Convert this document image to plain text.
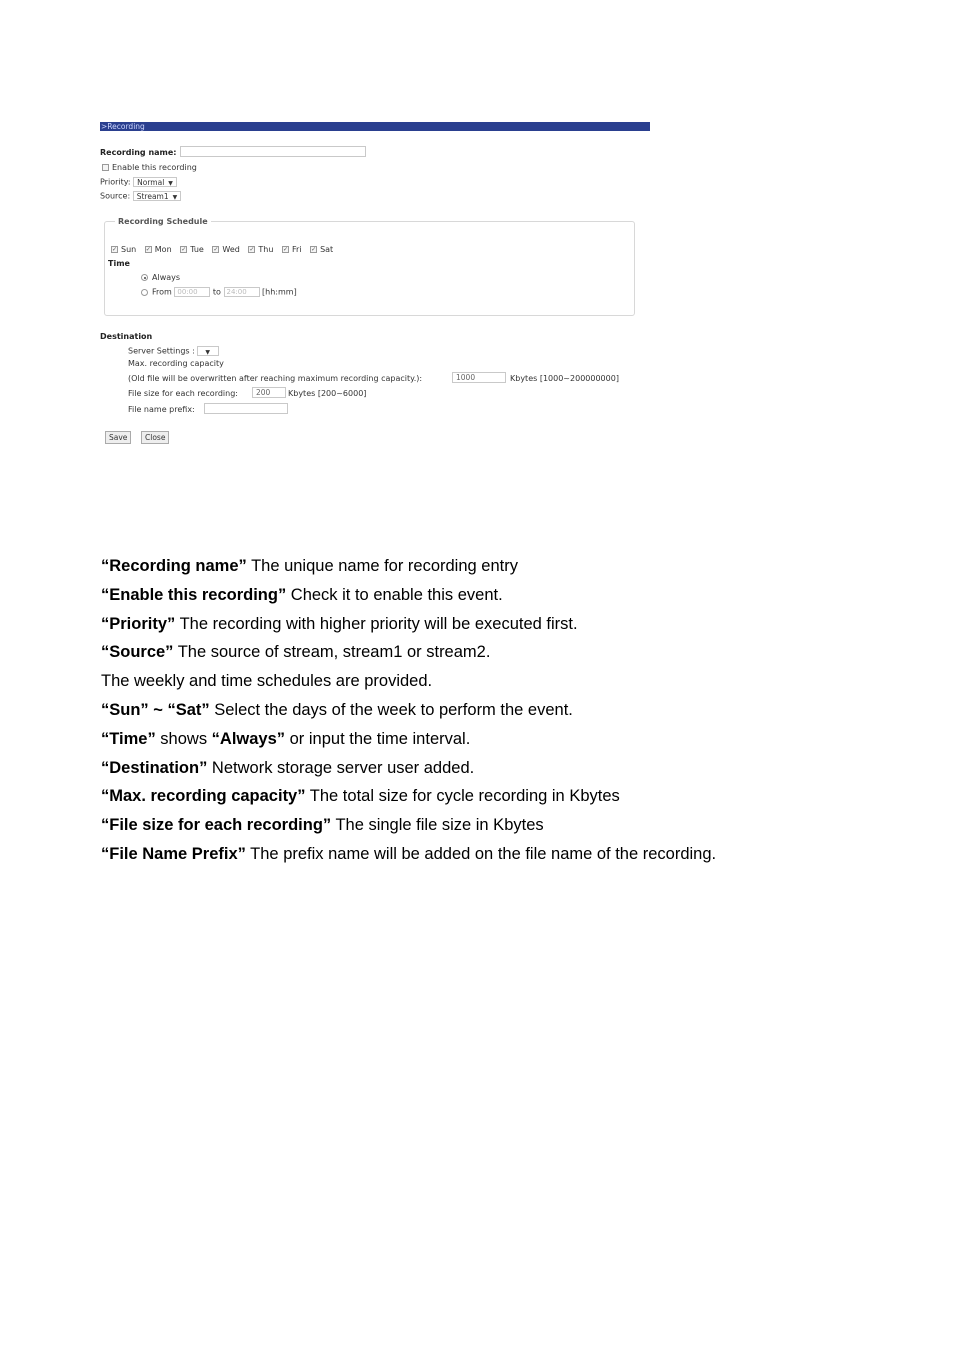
>Recording
Recording name:
Enable this recording
Priority: Normal ▼
Source: Stream1 ▼
Recording Schedule
✓ Sun ✓ Mon ✓ Tue ✓ Wed ✓ Thu ✓ Fri ✓ Sat
Time
Always
From 00:00 to 24:00 [hh:mm]
Destination
Server Settings : ▼
Max. recording capacity
(Old file will be overwritten after reaching maximum recording capacity.):	1000	Kbytes [1000~200000000]
File size for each recording:	200	Kbytes [200~6000]
File name prefix:
Save	Close

“Recording name” The unique name for recording entry

“Enable this recording” Check it to enable this event.

“Priority” The recording with higher priority will be executed first.

“Source” The source of stream, stream1 or stream2.

The weekly and time schedules are provided.

“Sun” ~ “Sat” Select the days of the week to perform the event.

“Time” shows “Always” or input the time interval.

“Destination” Network storage server user added.

“Max. recording capacity” The total size for cycle recording in Kbytes

“File size for each recording” The single file size in Kbytes

“File Name Prefix” The prefix name will be added on the file name of the recording.
